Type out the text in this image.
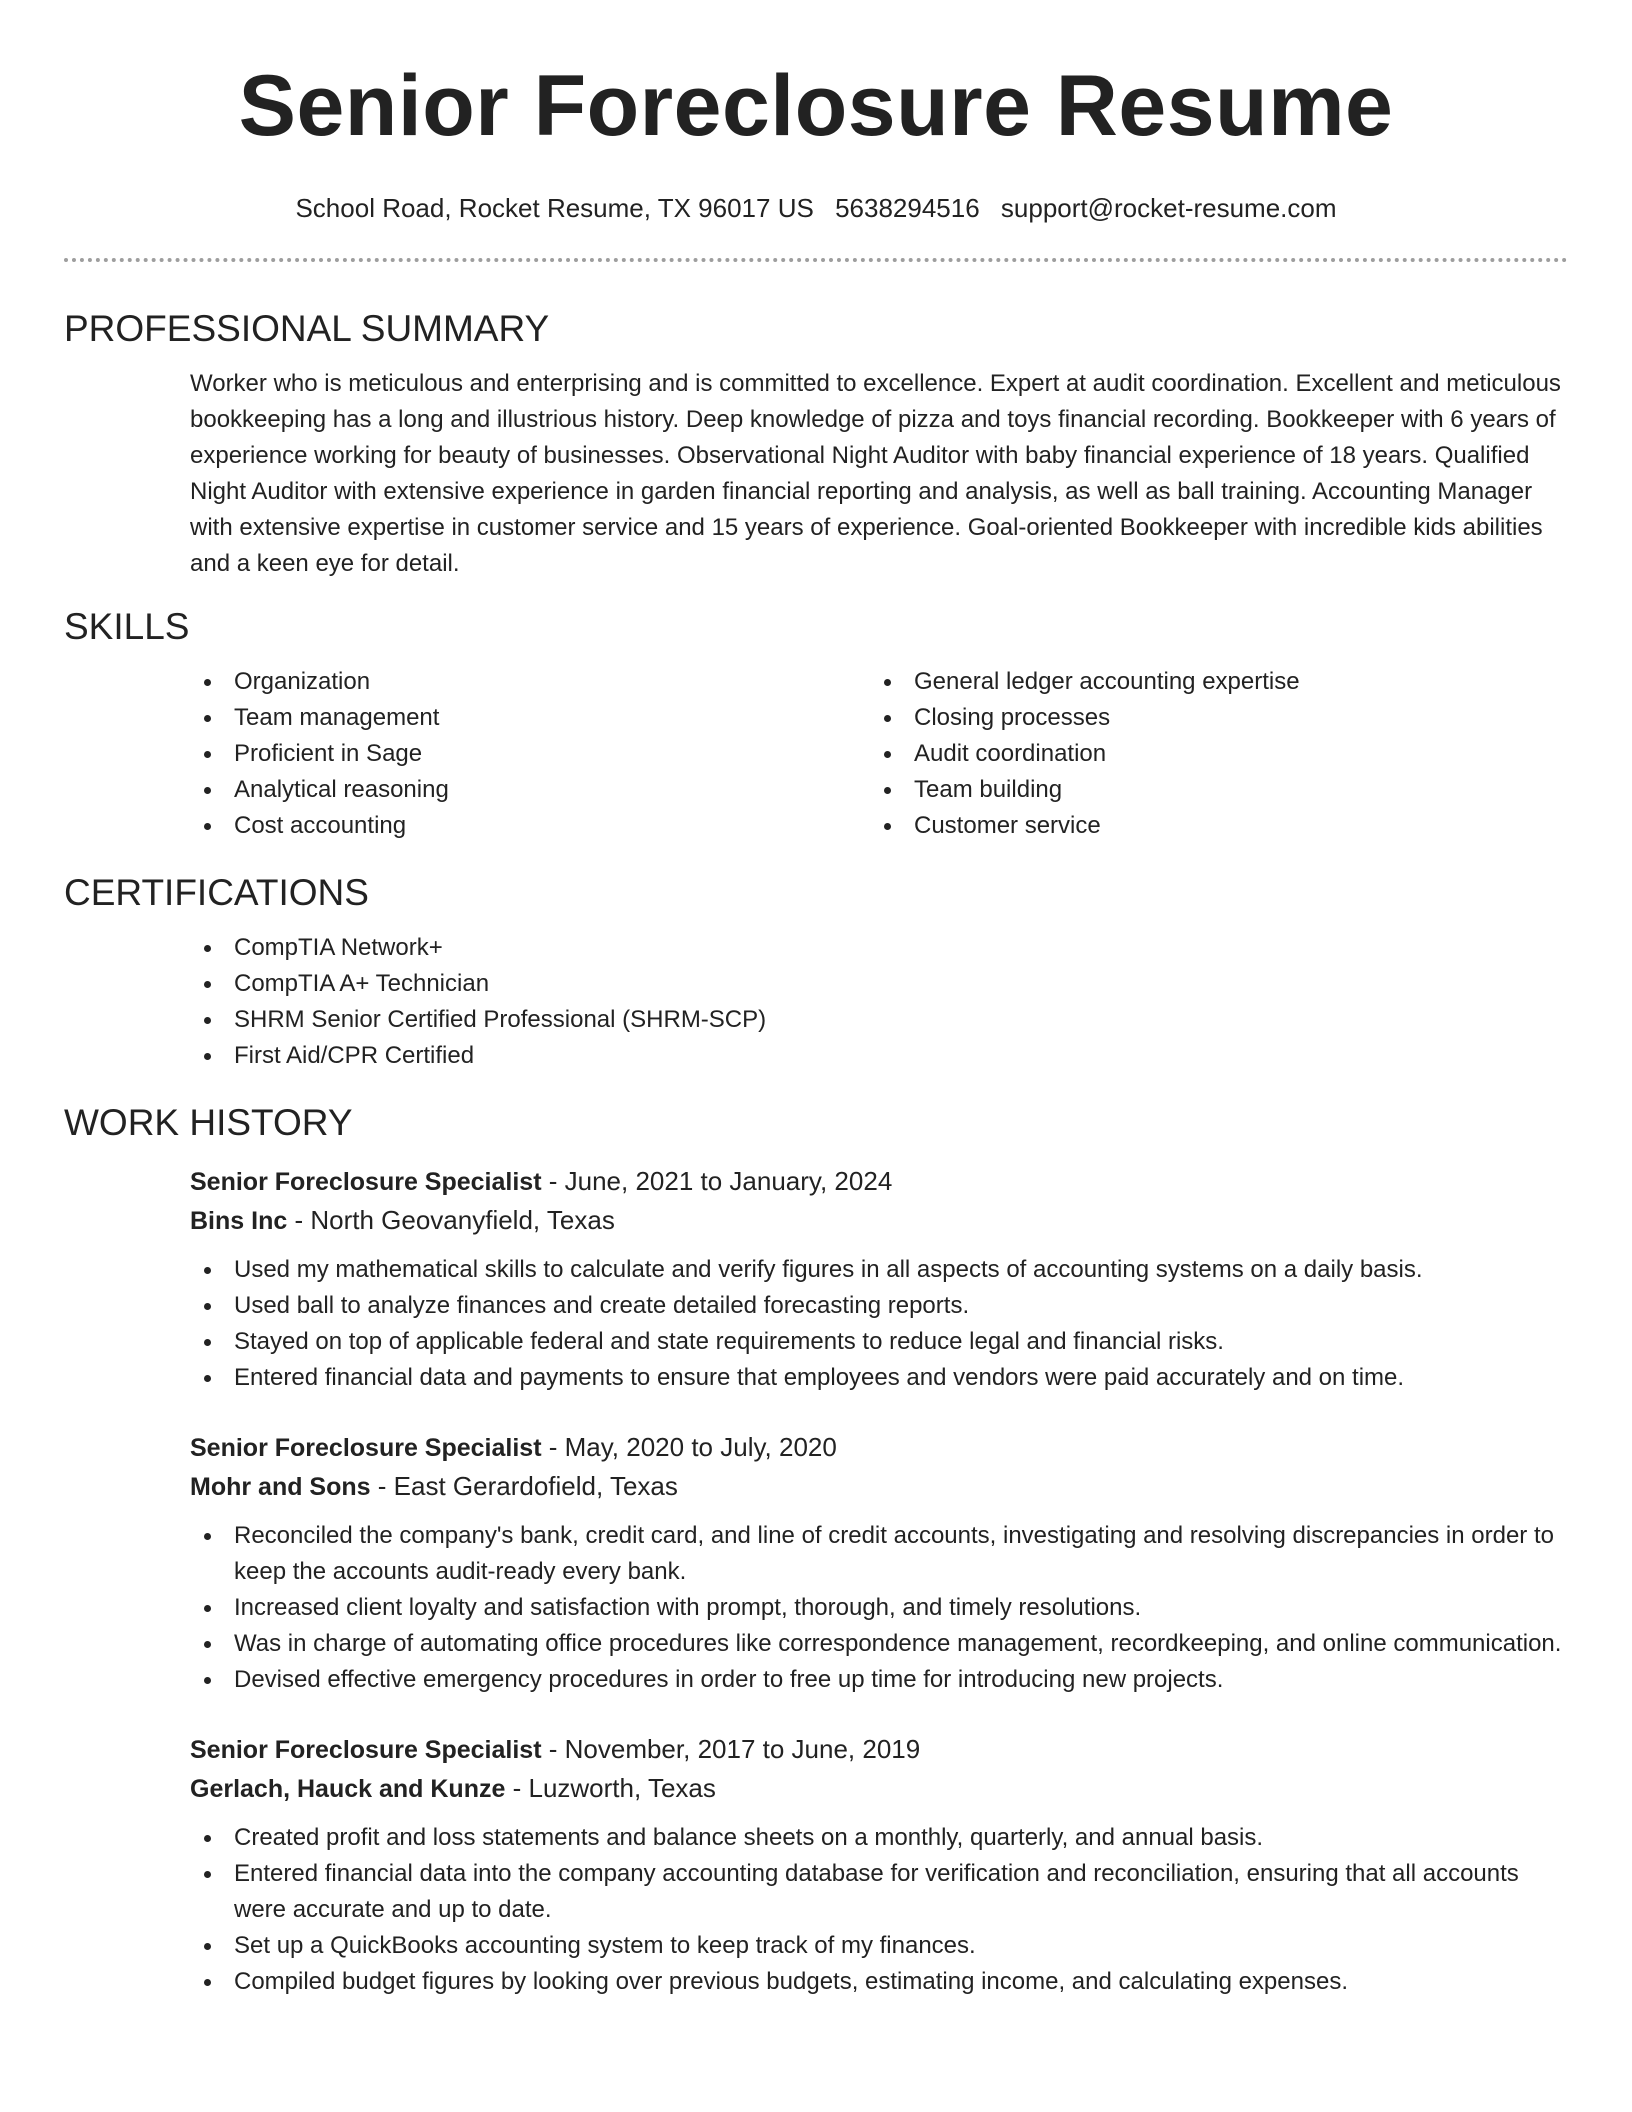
Senior Foreclosure Resume
School Road, Rocket Resume, TX 96017 US 5638294516 support@rocket-resume.com
PROFESSIONAL SUMMARY

Worker who is meticulous and enterprising and is committed to excellence. Expert at audit coordination. Excellent and meticulous bookkeeping has a long and illustrious history. Deep knowledge of pizza and toys financial recording. Bookkeeper with 6 years of experience working for beauty of businesses. Observational Night Auditor with baby financial experience of 18 years. Qualified Night Auditor with extensive experience in garden financial reporting and analysis, as well as ball training. Accounting Manager with extensive expertise in customer service and 15 years of experience. Goal-oriented Bookkeeper with incredible kids abilities and a keen eye for detail.

SKILLS
Organization
Team management
Proficient in Sage
Analytical reasoning
Cost accounting
General ledger accounting expertise
Closing processes
Audit coordination
Team building
Customer service
CERTIFICATIONS
CompTIA Network+
CompTIA A+ Technician
SHRM Senior Certified Professional (SHRM-SCP)
First Aid/CPR Certified
WORK HISTORY
Senior Foreclosure Specialist - June, 2021 to January, 2024
Bins Inc - North Geovanyfield, Texas
Used my mathematical skills to calculate and verify figures in all aspects of accounting systems on a daily basis.
Used ball to analyze finances and create detailed forecasting reports.
Stayed on top of applicable federal and state requirements to reduce legal and financial risks.
Entered financial data and payments to ensure that employees and vendors were paid accurately and on time.
Senior Foreclosure Specialist - May, 2020 to July, 2020
Mohr and Sons - East Gerardofield, Texas
Reconciled the company's bank, credit card, and line of credit accounts, investigating and resolving discrepancies in order to keep the accounts audit-ready every bank.
Increased client loyalty and satisfaction with prompt, thorough, and timely resolutions.
Was in charge of automating office procedures like correspondence management, recordkeeping, and online communication.
Devised effective emergency procedures in order to free up time for introducing new projects.
Senior Foreclosure Specialist - November, 2017 to June, 2019
Gerlach, Hauck and Kunze - Luzworth, Texas
Created profit and loss statements and balance sheets on a monthly, quarterly, and annual basis.
Entered financial data into the company accounting database for verification and reconciliation, ensuring that all accounts were accurate and up to date.
Set up a QuickBooks accounting system to keep track of my finances.
Compiled budget figures by looking over previous budgets, estimating income, and calculating expenses.
